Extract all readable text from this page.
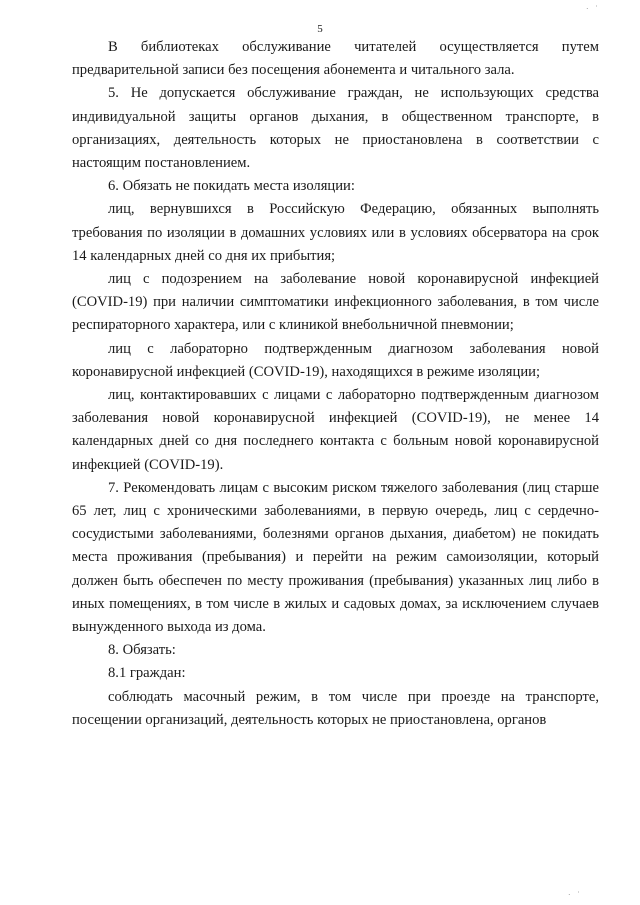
5
. ·
. ·

В библиотеках обслуживание читателей осуществляется путем предварительной записи без посещения абонемента и читального зала.

5. Не допускается обслуживание граждан, не использующих средства индивидуальной защиты органов дыхания, в общественном транспорте, в организациях, деятельность которых не приостановлена в соответствии с настоящим постановлением.

6. Обязать не покидать места изоляции:

лиц, вернувшихся в Российскую Федерацию, обязанных выполнять требования по изоляции в домашних условиях или в условиях обсерватора на срок 14 календарных дней со дня их прибытия;

лиц с подозрением на заболевание новой коронавирусной инфекцией (COVID-19) при наличии симптоматики инфекционного заболевания, в том числе респираторного характера, или с клиникой внебольничной пневмонии;

лиц с лабораторно подтвержденным диагнозом заболевания новой коронавирусной инфекцией (COVID-19), находящихся в режиме изоляции;

лиц, контактировавших с лицами с лабораторно подтвержденным диагнозом заболевания новой коронавирусной инфекцией (COVID-19), не менее 14 календарных дней со дня последнего контакта с больным новой коронавирусной инфекцией (COVID-19).

7. Рекомендовать лицам с высоким риском тяжелого заболевания (лиц старше 65 лет, лиц с хроническими заболеваниями, в первую очередь, лиц с сердечно-сосудистыми заболеваниями, болезнями органов дыхания, диабетом) не покидать места проживания (пребывания) и перейти на режим самоизоляции, который должен быть обеспечен по месту проживания (пребывания) указанных лиц либо в иных помещениях, в том числе в жилых и садовых домах, за исключением случаев вынужденного выхода из дома.

8. Обязать:

8.1 граждан:

соблюдать масочный режим, в том числе при проезде на транспорте, посещении организаций, деятельность которых не приостановлена, органов
